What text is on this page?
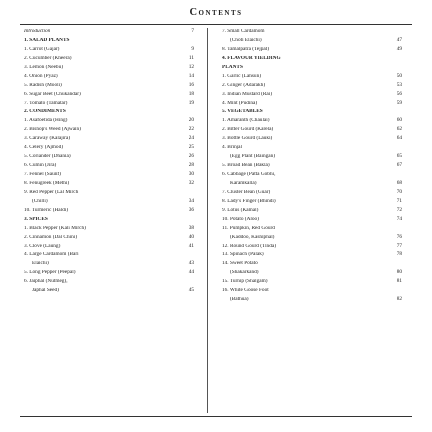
Contents
Introduction	7
1. SALAD PLANTS
1. Carrot (Gajar)	9
2. Cucumber (Kheera)	11
3. Lemon (Neebu)	12
4. Onion (Pyaz)	14
5. Radish (Mooli)	16
6. Sugar Beet (Chukandar)	18
7. Tomato (Tamatar)	19
2. CONDIMENTS
1. Asafoetida (Hing)	20
2. Bishop's Weed (Ajwain)	22
3. Caraway (Kalajira)	24
4. Celery (Ajmod)	25
5. Coriander (Dhania)	26
6. Cumin (Jira)	28
7. Fennel (Saunf)	30
8. Fenugreek (Methi)	32
9. Red Pepper (Lal Mirch
(Chilli)	34
10. Turmeric (Haldi)	36
3. SPICES
1. Black Pepper (Kali Mirch)	38
2. Cinnamon (Dal Chini)	40
3. Clove (Laung)	41
4. Large Cardamom (Bari
Elaichi)	43
5. Long Pepper (Peepal)	44
6. Jaiphal (Nutmeg),
Japhal Seed)	45
7. Small Cardamom
(Choti Elaichi)	47
8. Tamalpatra (Tejpat)	49
4. FLAVOUR YIELDING
PLANTS
1. Garlic (Lahsun)	50
2. Ginger (Adarakh)	53
3. Indian Mustard (Rai)	56
4. Mint (Pudina)	59
5. VEGETABLES
1. Amaranth (Chaulai)	60
2. Bitter Gourd (Karela)	62
3. Bottle Gourd (Lauki)	64
4. Brinjal
(Egg Plant (Baingan)	65
5. Broad Bean (Bakla)	67
6. Cabbage (Patta Gobhi,
Karamkalla)	68
7. Cluster Bean (Guar)	70
8. Lady's Finger (Bhindi)	71
9. Lotus (Kamal)	72
10. Potato (Aloo)	74
11. Pumpkin, Red Gourd
(Kaddoo, Kashiphal)	76
12. Round Gourd (Tinda)	77
13. Spinach (Palak)	78
14. Sweet Potato
(Shakarkand)	80
15. Turnip (Shalgam)	81
16. White Goose Foot
(Bathua)	82
